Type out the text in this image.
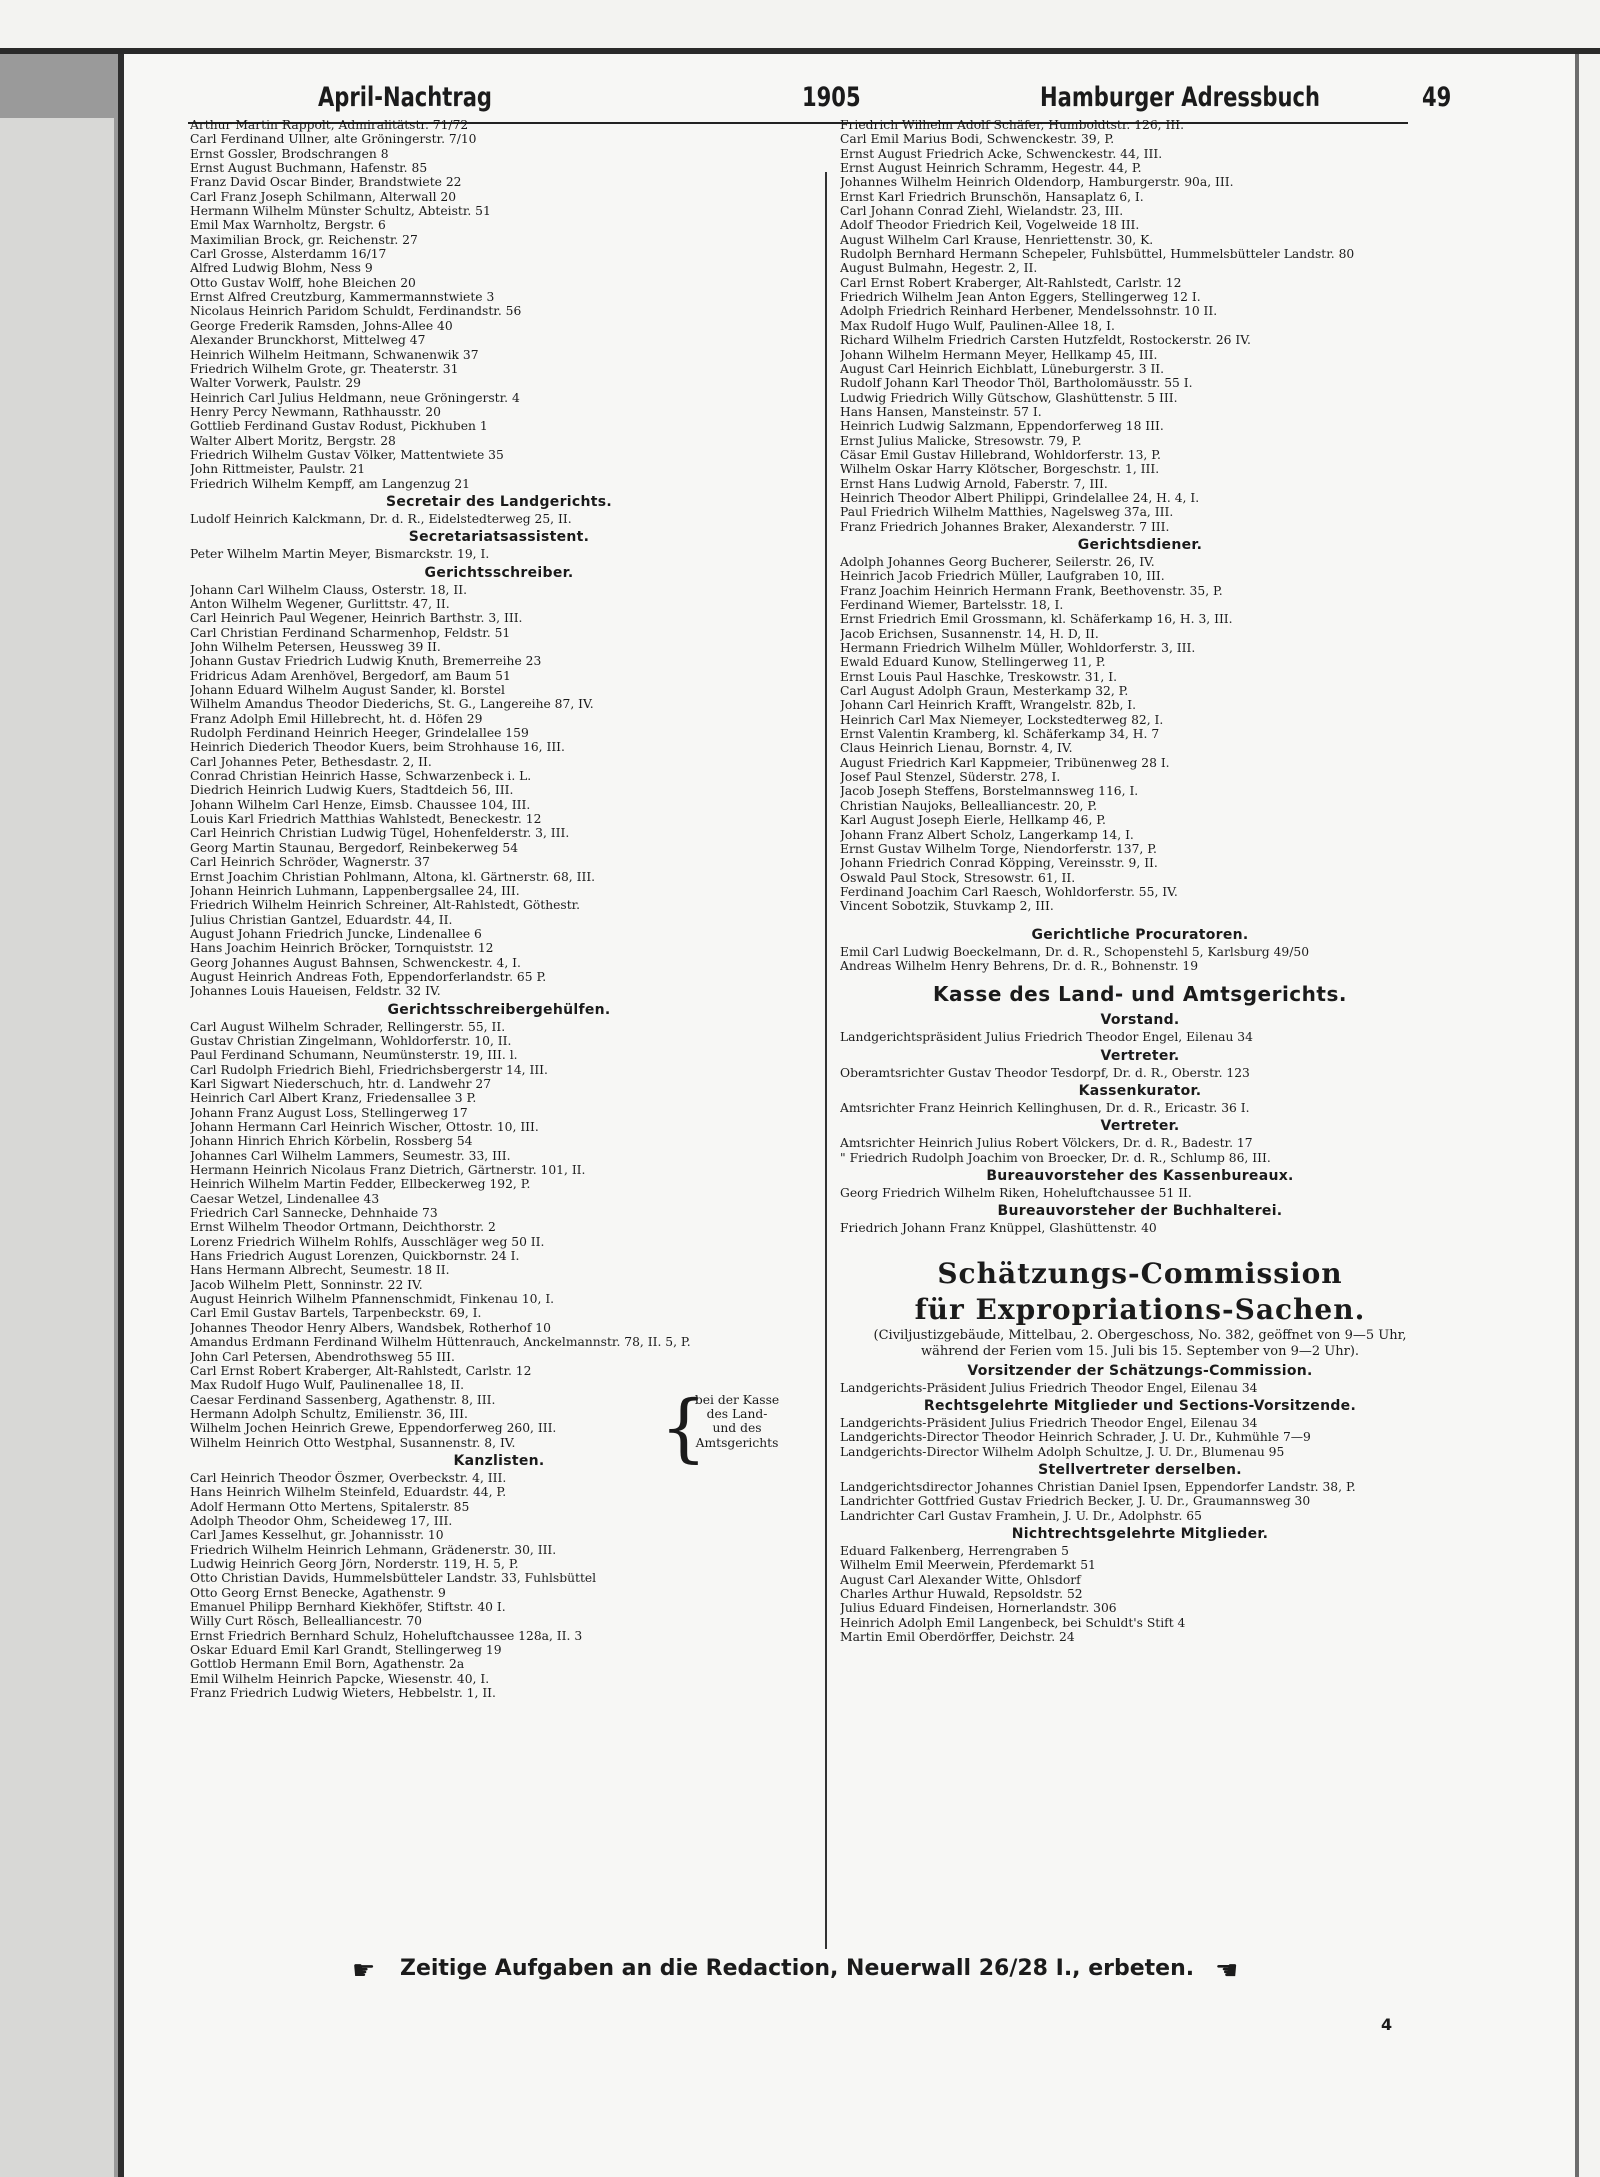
April-Nachtrag	1905	Hamburger Adressbuch	49
Arthur Martin Rappolt, Admiralitätstr. 71/72
Carl Ferdinand Ullner, alte Gröningerstr. 7/10
Ernst Gossler, Brodschrangen 8
Ernst August Buchmann, Hafenstr. 85
Franz David Oscar Binder, Brandstwiete 22
Carl Franz Joseph Schilmann, Alterwall 20
Hermann Wilhelm Münster Schultz, Abteistr. 51
Emil Max Warnholtz, Bergstr. 6
Maximilian Brock, gr. Reichenstr. 27
Carl Grosse, Alsterdamm 16/17
Alfred Ludwig Blohm, Ness 9
Otto Gustav Wolff, hohe Bleichen 20
Ernst Alfred Creutzburg, Kammermannstwiete 3
Nicolaus Heinrich Paridom Schuldt, Ferdinandstr. 56
George Frederik Ramsden, Johns-Allee 40
Alexander Brunckhorst, Mittelweg 47
Heinrich Wilhelm Heitmann, Schwanenwik 37
Friedrich Wilhelm Grote, gr. Theaterstr. 31
Walter Vorwerk, Paulstr. 29
Heinrich Carl Julius Heldmann, neue Gröningerstr. 4
Henry Percy Newmann, Rathhausstr. 20
Gottlieb Ferdinand Gustav Rodust, Pickhuben 1
Walter Albert Moritz, Bergstr. 28
Friedrich Wilhelm Gustav Völker, Mattentwiete 35
John Rittmeister, Paulstr. 21
Friedrich Wilhelm Kempff, am Langenzug 21
Secretair des Landgerichts.
Ludolf Heinrich Kalckmann, Dr. d. R., Eidelstedterweg 25, II.
Secretariatsassistent.
Peter Wilhelm Martin Meyer, Bismarckstr. 19, I.
Gerichtsschreiber.
Johann Carl Wilhelm Clauss, Osterstr. 18, II.
Anton Wilhelm Wegener, Gurlittstr. 47, II.
Carl Heinrich Paul Wegener, Heinrich Barthstr. 3, III.
Carl Christian Ferdinand Scharmenhop, Feldstr. 51
John Wilhelm Petersen, Heussweg 39 II.
Johann Gustav Friedrich Ludwig Knuth, Bremerreihe 23
Fridricus Adam Arenhövel, Bergedorf, am Baum 51
Johann Eduard Wilhelm August Sander, kl. Borstel
Wilhelm Amandus Theodor Diederichs, St. G., Langereihe 87, IV.
Franz Adolph Emil Hillebrecht, ht. d. Höfen 29
Rudolph Ferdinand Heinrich Heeger, Grindelallee 159
Heinrich Diederich Theodor Kuers, beim Strohhause 16, III.
Carl Johannes Peter, Bethesdastr. 2, II.
Conrad Christian Heinrich Hasse, Schwarzenbeck i. L.
Diedrich Heinrich Ludwig Kuers, Stadtdeich 56, III.
Johann Wilhelm Carl Henze, Eimsb. Chaussee 104, III.
Louis Karl Friedrich Matthias Wahlstedt, Beneckestr. 12
Carl Heinrich Christian Ludwig Tügel, Hohenfelderstr. 3, III.
Georg Martin Staunau, Bergedorf, Reinbekerweg 54
Carl Heinrich Schröder, Wagnerstr. 37
Ernst Joachim Christian Pohlmann, Altona, kl. Gärtnerstr. 68, III.
Johann Heinrich Luhmann, Lappenbergsallee 24, III.
Friedrich Wilhelm Heinrich Schreiner, Alt-Rahlstedt, Göthestr.
Julius Christian Gantzel, Eduardstr. 44, II.
August Johann Friedrich Juncke, Lindenallee 6
Hans Joachim Heinrich Bröcker, Tornquiststr. 12
Georg Johannes August Bahnsen, Schwenckestr. 4, I.
August Heinrich Andreas Foth, Eppendorferlandstr. 65 P.
Johannes Louis Haueisen, Feldstr. 32 IV.
Gerichtsschreibergehülfen.
Carl August Wilhelm Schrader, Rellingerstr. 55, II.
Gustav Christian Zingelmann, Wohldorferstr. 10, II.
Paul Ferdinand Schumann, Neumünsterstr. 19, III. l.
Carl Rudolph Friedrich Biehl, Friedrichsbergerstr 14, III.
Karl Sigwart Niederschuch, htr. d. Landwehr 27
Heinrich Carl Albert Kranz, Friedensallee 3 P.
Johann Franz August Loss, Stellingerweg 17
Johann Hermann Carl Heinrich Wischer, Ottostr. 10, III.
Johann Hinrich Ehrich Körbelin, Rossberg 54
Johannes Carl Wilhelm Lammers, Seumestr. 33, III.
Hermann Heinrich Nicolaus Franz Dietrich, Gärtnerstr. 101, II.
Heinrich Wilhelm Martin Fedder, Ellbeckerweg 192, P.
Caesar Wetzel, Lindenallee 43
Friedrich Carl Sannecke, Dehnhaide 73
Ernst Wilhelm Theodor Ortmann, Deichthorstr. 2
Lorenz Friedrich Wilhelm Rohlfs, Ausschläger weg 50 II.
Hans Friedrich August Lorenzen, Quickbornstr. 24 I.
Hans Hermann Albrecht, Seumestr. 18 II.
Jacob Wilhelm Plett, Sonninstr. 22 IV.
August Heinrich Wilhelm Pfannenschmidt, Finkenau 10, I.
Carl Emil Gustav Bartels, Tarpenbeckstr. 69, I.
Johannes Theodor Henry Albers, Wandsbek, Rotherhof 10
Amandus Erdmann Ferdinand Wilhelm Hüttenrauch, Anckelmannstr. 78, II. 5, P.
John Carl Petersen, Abendrothsweg 55 III.
Carl Ernst Robert Kraberger, Alt-Rahlstedt, Carlstr. 12
Max Rudolf Hugo Wulf, Paulinenallee 18, II.
Caesar Ferdinand Sassenberg, Agathenstr. 8, III.
Hermann Adolph Schultz, Emilienstr. 36, III.
Wilhelm Jochen Heinrich Grewe, Eppendorferweg 260, III.
Wilhelm Heinrich Otto Westphal, Susannenstr. 8, IV.	{
bei der Kasse
des Land-
und des
Amtsgerichts
Kanzlisten.
Carl Heinrich Theodor Öszmer, Overbeckstr. 4, III.
Hans Heinrich Wilhelm Steinfeld, Eduardstr. 44, P.
Adolf Hermann Otto Mertens, Spitalerstr. 85
Adolph Theodor Ohm, Scheideweg 17, III.
Carl James Kesselhut, gr. Johannisstr. 10
Friedrich Wilhelm Heinrich Lehmann, Grädenerstr. 30, III.
Ludwig Heinrich Georg Jörn, Norderstr. 119, H. 5, P.
Otto Christian Davids, Hummelsbütteler Landstr. 33, Fuhlsbüttel
Otto Georg Ernst Benecke, Agathenstr. 9
Emanuel Philipp Bernhard Kiekhöfer, Stiftstr. 40 I.
Willy Curt Rösch, Bellealliancestr. 70
Ernst Friedrich Bernhard Schulz, Hoheluftchaussee 128a, II. 3
Oskar Eduard Emil Karl Grandt, Stellingerweg 19
Gottlob Hermann Emil Born, Agathenstr. 2a
Emil Wilhelm Heinrich Papcke, Wiesenstr. 40, I.
Franz Friedrich Ludwig Wieters, Hebbelstr. 1, II.
Friedrich Wilhelm Adolf Schäfer, Humboldtstr. 126, III.
Carl Emil Marius Bodi, Schwenckestr. 39, P.
Ernst August Friedrich Acke, Schwenckestr. 44, III.
Ernst August Heinrich Schramm, Hegestr. 44, P.
Johannes Wilhelm Heinrich Oldendorp, Hamburgerstr. 90a, III.
Ernst Karl Friedrich Brunschön, Hansaplatz 6, I.
Carl Johann Conrad Ziehl, Wielandstr. 23, III.
Adolf Theodor Friedrich Keil, Vogelweide 18 III.
August Wilhelm Carl Krause, Henriettenstr. 30, K.
Rudolph Bernhard Hermann Schepeler, Fuhlsbüttel, Hummelsbütteler Landstr. 80
August Bulmahn, Hegestr. 2, II.
Carl Ernst Robert Kraberger, Alt-Rahlstedt, Carlstr. 12
Friedrich Wilhelm Jean Anton Eggers, Stellingerweg 12 I.
Adolph Friedrich Reinhard Herbener, Mendelssohnstr. 10 II.
Max Rudolf Hugo Wulf, Paulinen-Allee 18, I.
Richard Wilhelm Friedrich Carsten Hutzfeldt, Rostockerstr. 26 IV.
Johann Wilhelm Hermann Meyer, Hellkamp 45, III.
August Carl Heinrich Eichblatt, Lüneburgerstr. 3 II.
Rudolf Johann Karl Theodor Thöl, Bartholomäusstr. 55 I.
Ludwig Friedrich Willy Gütschow, Glashüttenstr. 5 III.
Hans Hansen, Mansteinstr. 57 I.
Heinrich Ludwig Salzmann, Eppendorferweg 18 III.
Ernst Julius Malicke, Stresowstr. 79, P.
Cäsar Emil Gustav Hillebrand, Wohldorferstr. 13, P.
Wilhelm Oskar Harry Klötscher, Borgeschstr. 1, III.
Ernst Hans Ludwig Arnold, Faberstr. 7, III.
Heinrich Theodor Albert Philippi, Grindelallee 24, H. 4, I.
Paul Friedrich Wilhelm Matthies, Nagelsweg 37a, III.
Franz Friedrich Johannes Braker, Alexanderstr. 7 III.
Gerichtsdiener.
Adolph Johannes Georg Bucherer, Seilerstr. 26, IV.
Heinrich Jacob Friedrich Müller, Laufgraben 10, III.
Franz Joachim Heinrich Hermann Frank, Beethovenstr. 35, P.
Ferdinand Wiemer, Bartelsstr. 18, I.
Ernst Friedrich Emil Grossmann, kl. Schäferkamp 16, H. 3, III.
Jacob Erichsen, Susannenstr. 14, H. D, II.
Hermann Friedrich Wilhelm Müller, Wohldorferstr. 3, III.
Ewald Eduard Kunow, Stellingerweg 11, P.
Ernst Louis Paul Haschke, Treskowstr. 31, I.
Carl August Adolph Graun, Mesterkamp 32, P.
Johann Carl Heinrich Krafft, Wrangelstr. 82b, I.
Heinrich Carl Max Niemeyer, Lockstedterweg 82, I.
Ernst Valentin Kramberg, kl. Schäferkamp 34, H. 7
Claus Heinrich Lienau, Bornstr. 4, IV.
August Friedrich Karl Kappmeier, Tribünenweg 28 I.
Josef Paul Stenzel, Süderstr. 278, I.
Jacob Joseph Steffens, Borstelmannsweg 116, I.
Christian Naujoks, Bellealliancestr. 20, P.
Karl August Joseph Eierle, Hellkamp 46, P.
Johann Franz Albert Scholz, Langerkamp 14, I.
Ernst Gustav Wilhelm Torge, Niendorferstr. 137, P.
Johann Friedrich Conrad Köpping, Vereinsstr. 9, II.
Oswald Paul Stock, Stresowstr. 61, II.
Ferdinand Joachim Carl Raesch, Wohldorferstr. 55, IV.
Vincent Sobotzik, Stuvkamp 2, III.
Gerichtliche Procuratoren.
Emil Carl Ludwig Boeckelmann, Dr. d. R., Schopenstehl 5, Karlsburg 49/50
Andreas Wilhelm Henry Behrens, Dr. d. R., Bohnenstr. 19
Kasse des Land- und Amtsgerichts.
Vorstand.
Landgerichtspräsident Julius Friedrich Theodor Engel, Eilenau 34
Vertreter.
Oberamtsrichter Gustav Theodor Tesdorpf, Dr. d. R., Oberstr. 123
Kassenkurator.
Amtsrichter Franz Heinrich Kellinghusen, Dr. d. R., Ericastr. 36 I.
Vertreter.
Amtsrichter Heinrich Julius Robert Völckers, Dr. d. R., Badestr. 17
" Friedrich Rudolph Joachim von Broecker, Dr. d. R., Schlump 86, III.
Bureauvorsteher des Kassenbureaux.
Georg Friedrich Wilhelm Riken, Hoheluftchaussee 51 II.
Bureauvorsteher der Buchhalterei.
Friedrich Johann Franz Knüppel, Glashüttenstr. 40
Schätzungs-Commission
für Expropriations-Sachen.
(Civiljustizgebäude, Mittelbau, 2. Obergeschoss, No. 382, geöffnet von 9—5 Uhr,
während der Ferien vom 15. Juli bis 15. September von 9—2 Uhr).
Vorsitzender der Schätzungs-Commission.
Landgerichts-Präsident Julius Friedrich Theodor Engel, Eilenau 34
Rechtsgelehrte Mitglieder und Sections-Vorsitzende.
Landgerichts-Präsident Julius Friedrich Theodor Engel, Eilenau 34
Landgerichts-Director Theodor Heinrich Schrader, J. U. Dr., Kuhmühle 7—9
Landgerichts-Director Wilhelm Adolph Schultze, J. U. Dr., Blumenau 95
Stellvertreter derselben.
Landgerichtsdirector Johannes Christian Daniel Ipsen, Eppendorfer Landstr. 38, P.
Landrichter Gottfried Gustav Friedrich Becker, J. U. Dr., Graumannsweg 30
Landrichter Carl Gustav Framhein, J. U. Dr., Adolphstr. 65
Nichtrechtsgelehrte Mitglieder.
Eduard Falkenberg, Herrengraben 5
Wilhelm Emil Meerwein, Pferdemarkt 51
August Carl Alexander Witte, Ohlsdorf
Charles Arthur Huwald, Repsoldstr. 52
Julius Eduard Findeisen, Hornerlandstr. 306
Heinrich Adolph Emil Langenbeck, bei Schuldt's Stift 4
Martin Emil Oberdörffer, Deichstr. 24
☛ Zeitige Aufgaben an die Redaction, Neuerwall 26/28 I., erbeten. ☚
4
